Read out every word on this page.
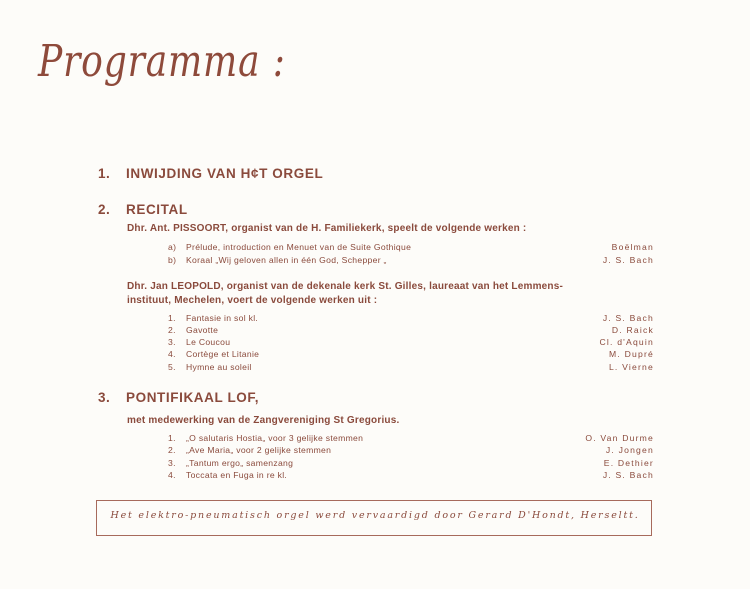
Programma :
1. INWIJDING VAN H¢T ORGEL
2. RECITAL
Dhr. Ant. PISSOORT, organist van de H. Familiekerk, speelt de volgende werken :
a) Prélude, introduction en Menuet van de Suite Gothique	Boëlman
b) Koraal „Wij geloven allen in één God, Schepper „	J. S. Bach
Dhr. Jan LEOPOLD, organist van de dekenale kerk St. Gilles, laureaat van het Lemmens-
instituut, Mechelen, voert de volgende werken uit :
1. Fantasie in sol kl.	J. S. Bach
2. Gavotte	D. Raick
3. Le Coucou	Cl. d'Aquin
4. Cortège et Litanie	M. Dupré
5. Hymne au soleil	L. Vierne
3. PONTIFIKAAL LOF,
met medewerking van de Zangvereniging St Gregorius.
1. „O salutaris Hostia„ voor 3 gelijke stemmen	O. Van Durme
2. „Ave Maria„ voor 2 gelijke stemmen	J. Jongen
3. „Tantum ergo„ samenzang	E. Dethier
4. Toccata en Fuga in re kl.	J. S. Bach
Het elektro-pneumatisch orgel werd vervaardigd door Gerard D'Hondt, Herseltt.
